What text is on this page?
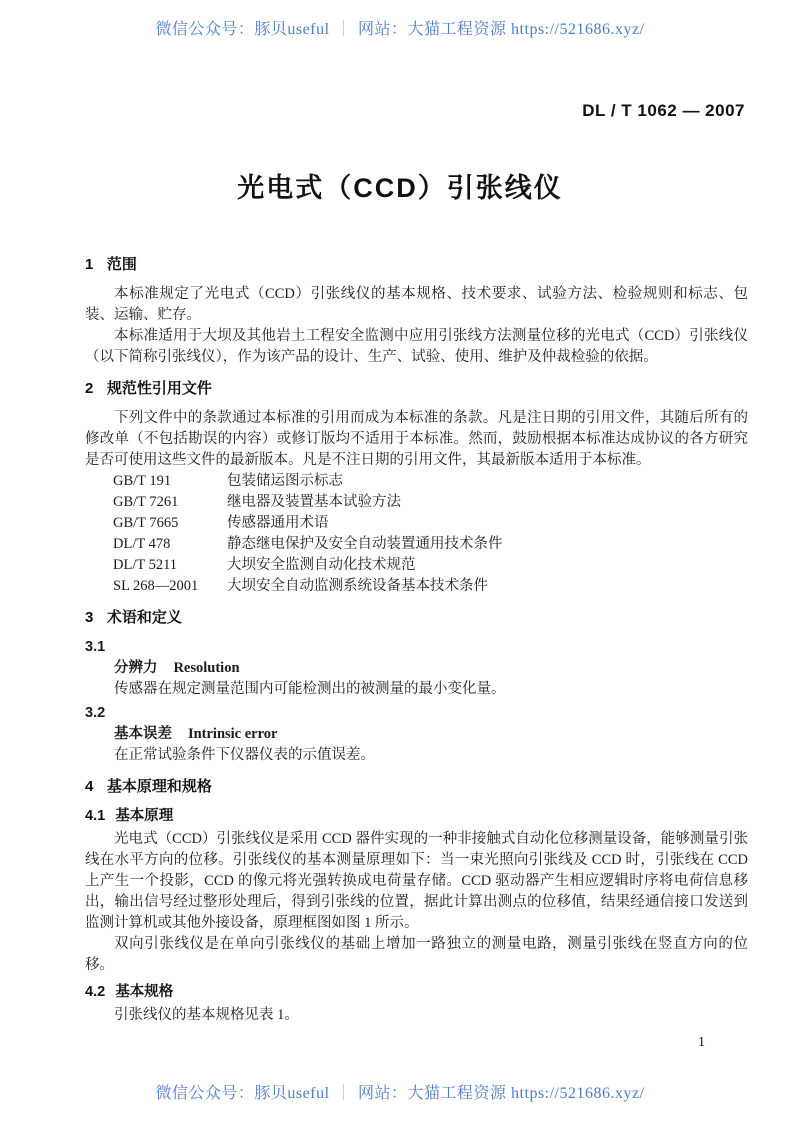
微信公众号：豚贝useful ｜ 网站：大猫工程资源 https://521686.xyz/
DL / T 1062 — 2007
光电式（CCD）引张线仪
1 范围

本标准规定了光电式（CCD）引张线仪的基本规格、技术要求、试验方法、检验规则和标志、包装、运输、贮存。

本标准适用于大坝及其他岩土工程安全监测中应用引张线方法测量位移的光电式（CCD）引张线仪（以下简称引张线仪），作为该产品的设计、生产、试验、使用、维护及仲裁检验的依据。

2 规范性引用文件

下列文件中的条款通过本标准的引用而成为本标准的条款。凡是注日期的引用文件，其随后所有的修改单（不包括勘误的内容）或修订版均不适用于本标准。然而，鼓励根据本标准达成协议的各方研究是否可使用这些文件的最新版本。凡是不注日期的引用文件，其最新版本适用于本标准。

GB/T 191	包装储运图示标志
GB/T 7261	继电器及装置基本试验方法
GB/T 7665	传感器通用术语
DL/T 478	静态继电保护及安全自动装置通用技术条件
DL/T 5211	大坝安全监测自动化技术规范
SL 268—2001	大坝安全自动监测系统设备基本技术条件
3 术语和定义
3.1
分辨力 Resolution
传感器在规定测量范围内可能检测出的被测量的最小变化量。
3.2
基本误差 Intrinsic error
在正常试验条件下仪器仪表的示值误差。
4 基本原理和规格
4.1 基本原理

光电式（CCD）引张线仪是采用 CCD 器件实现的一种非接触式自动化位移测量设备，能够测量引张线在水平方向的位移。引张线仪的基本测量原理如下：当一束光照向引张线及 CCD 时，引张线在 CCD 上产生一个投影，CCD 的像元将光强转换成电荷量存储。CCD 驱动器产生相应逻辑时序将电荷信息移出，输出信号经过整形处理后，得到引张线的位置，据此计算出测点的位移值，结果经通信接口发送到监测计算机或其他外接设备，原理框图如图 1 所示。

双向引张线仪是在单向引张线仪的基础上增加一路独立的测量电路，测量引张线在竖直方向的位移。

4.2 基本规格

引张线仪的基本规格见表 1。

1
微信公众号：豚贝useful ｜ 网站：大猫工程资源 https://521686.xyz/
